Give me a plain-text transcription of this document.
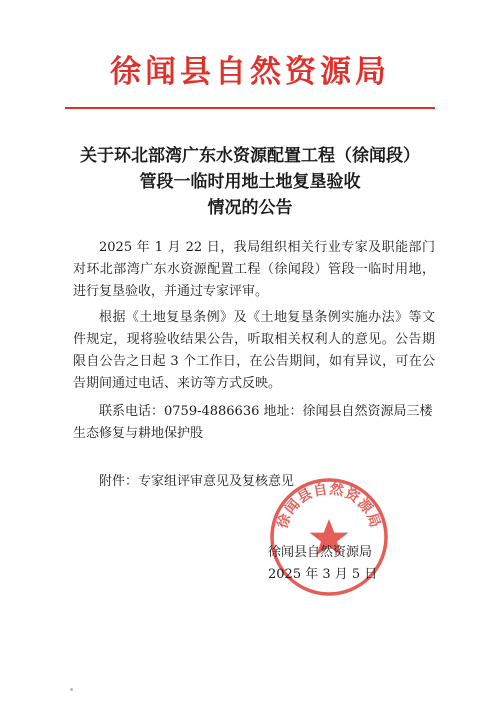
徐闻县自然资源局
关于环北部湾广东水资源配置工程（徐闻段）
管段一临时用地土地复垦验收
情况的公告

2025 年 1 月 22 日，我局组织相关行业专家及职能部门对环北部湾广东水资源配置工程（徐闻段）管段一临时用地，进行复垦验收，并通过专家评审。

根据《土地复垦条例》及《土地复垦条例实施办法》等文件规定，现将验收结果公告，听取相关权利人的意见。公告期限自公告之日起 3 个工作日，在公告期间，如有异议，可在公告期间通过电话、来访等方式反映。

联系电话：0759-4886636 地址：徐闻县自然资源局三楼生态修复与耕地保护股

附件：专家组评审意见及复核意见
徐闻县自然资源局
徐闻县自然资源局
2025 年 3 月 5 日
